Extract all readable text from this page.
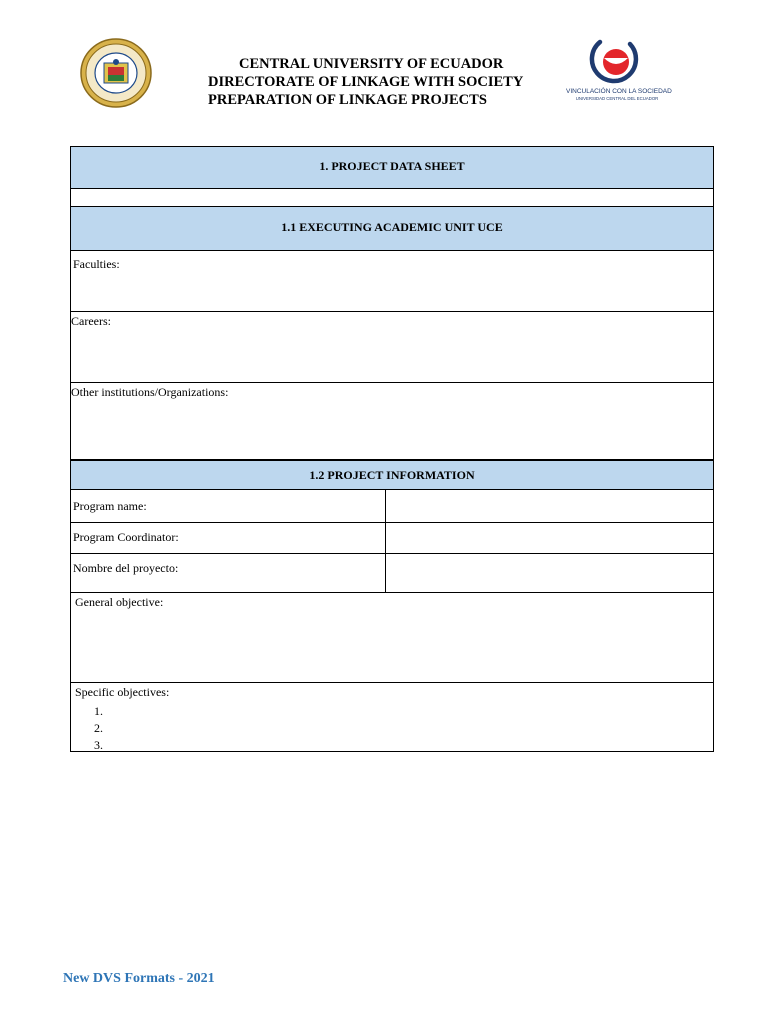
CENTRAL UNIVERSITY OF ECUADOR
DIRECTORATE OF LINKAGE WITH SOCIETY
PREPARATION OF LINKAGE PROJECTS
VINCULACIÓN CON LA SOCIEDAD
UNIVERSIDAD CENTRAL DEL ECUADOR
1. PROJECT DATA SHEET
1.1 EXECUTING ACADEMIC UNIT UCE
Faculties:
Careers:
Other institutions/Organizations:
1.2 PROJECT INFORMATION
Program name:
Program Coordinator:
Nombre del proyecto:
General objective:
Specific objectives:
1.
2.
3.
New DVS Formats - 2021
